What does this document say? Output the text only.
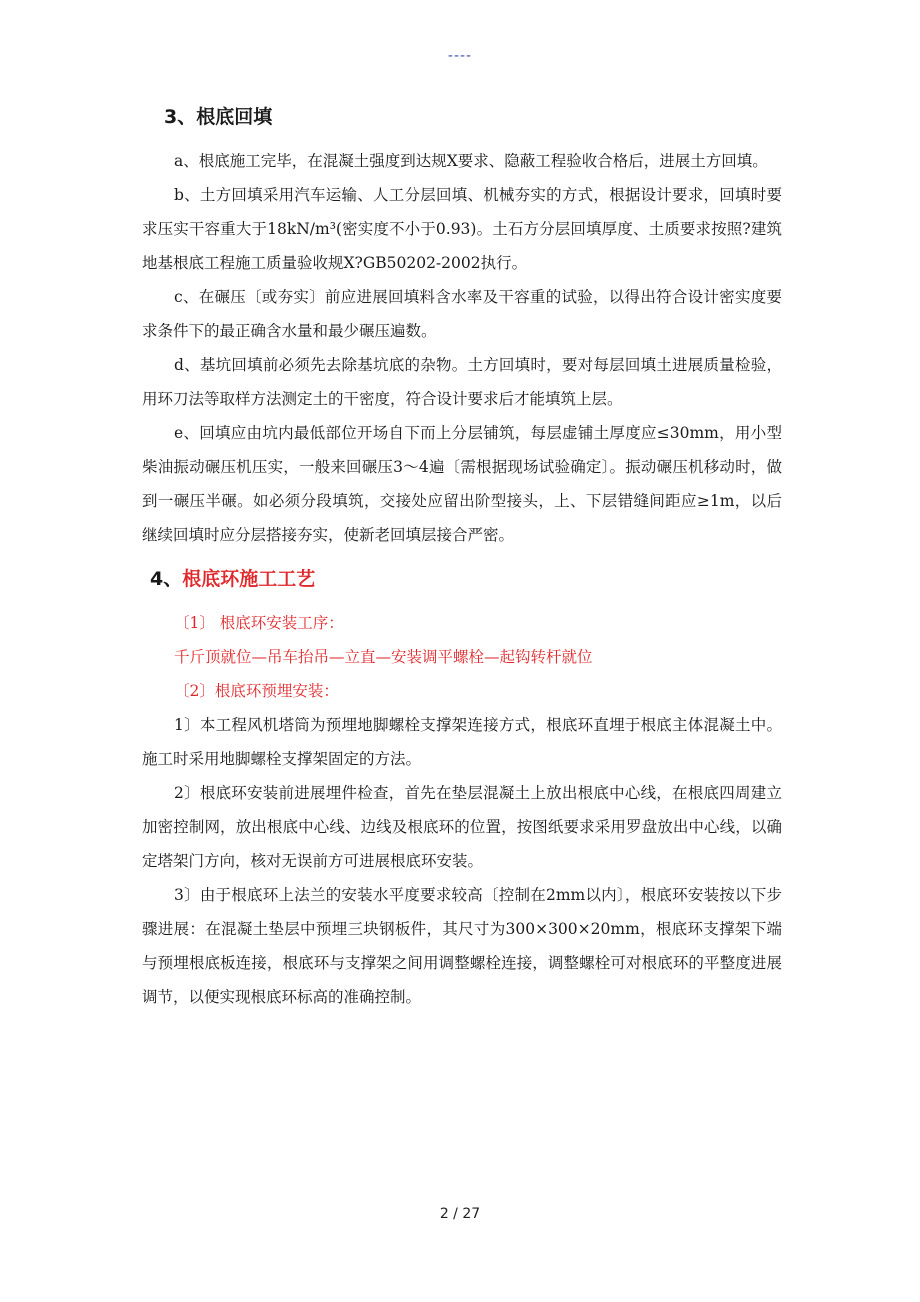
----
3、根底回填

a、根底施工完毕，在混凝土强度到达规X要求、隐蔽工程验收合格后，进展土方回填。

b、土方回填采用汽车运输、人工分层回填、机械夯实的方式，根据设计要求，回填时要求压实干容重大于18kN/m³(密实度不小于0.93)。土石方分层回填厚度、土质要求按照?建筑地基根底工程施工质量验收规X?GB50202-2002执行。

c、在碾压〔或夯实〕前应进展回填料含水率及干容重的试验，以得出符合设计密实度要求条件下的最正确含水量和最少碾压遍数。

d、基坑回填前必须先去除基坑底的杂物。土方回填时，要对每层回填土进展质量检验，用环刀法等取样方法测定土的干密度，符合设计要求后才能填筑上层。

e、回填应由坑内最低部位开场自下而上分层铺筑，每层虚铺土厚度应≤30mm，用小型柴油振动碾压机压实，一般来回碾压3～4遍〔需根据现场试验确定〕。振动碾压机移动时，做到一碾压半碾。如必须分段填筑，交接处应留出阶型接头，上、下层错缝间距应≥1m，以后继续回填时应分层搭接夯实，使新老回填层接合严密。

4、根底环施工工艺

〔1〕 根底环安装工序：

千斤顶就位—吊车抬吊—立直—安装调平螺栓—起钩转杆就位

〔2〕根底环预埋安装：

1〕本工程风机塔筒为预埋地脚螺栓支撑架连接方式，根底环直埋于根底主体混凝土中。施工时采用地脚螺栓支撑架固定的方法。

2〕根底环安装前进展埋件检查，首先在垫层混凝土上放出根底中心线，在根底四周建立加密控制网，放出根底中心线、边线及根底环的位置，按图纸要求采用罗盘放出中心线，以确定塔架门方向，核对无误前方可进展根底环安装。

3〕由于根底环上法兰的安装水平度要求较高〔控制在2mm以内〕，根底环安装按以下步骤进展：在混凝土垫层中预埋三块钢板件，其尺寸为300×300×20mm，根底环支撑架下端与预埋根底板连接，根底环与支撑架之间用调整螺栓连接，调整螺栓可对根底环的平整度进展调节，以便实现根底环标高的准确控制。

2 / 27
